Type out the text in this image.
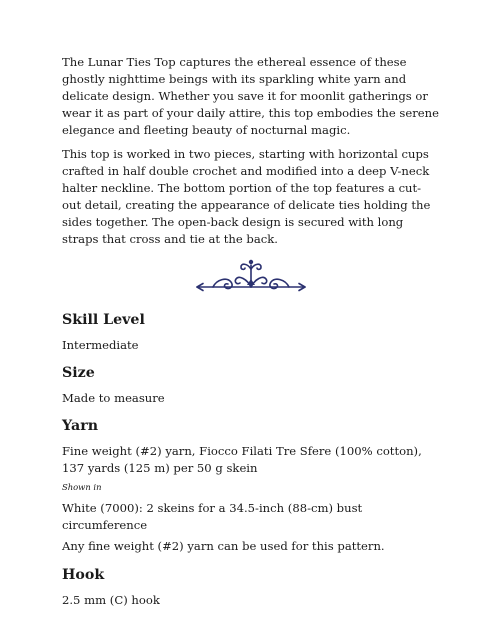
The Lunar Ties Top captures the ethereal essence of these ghostly nighttime beings with its sparkling white yarn and delicate design. Whether you save it for moonlit gatherings or wear it as part of your daily attire, this top embodies the serene elegance and fleeting beauty of nocturnal magic.

This top is worked in two pieces, starting with horizontal cups crafted in half double crochet and modified into a deep V-neck halter neckline. The bottom portion of the top features a cut-out detail, creating the appearance of delicate ties holding the sides together. The open-back design is secured with long straps that cross and tie at the back.

Skill Level

Intermediate

Size

Made to measure

Yarn

Fine weight (#2) yarn, Fiocco Filati Tre Sfere (100% cotton), 137 yards (125 m) per 50 g skein

Shown in

White (7000): 2 skeins for a 34.5-inch (88-cm) bust circumference

Any fine weight (#2) yarn can be used for this pattern.

Hook

2.5 mm (C) hook
